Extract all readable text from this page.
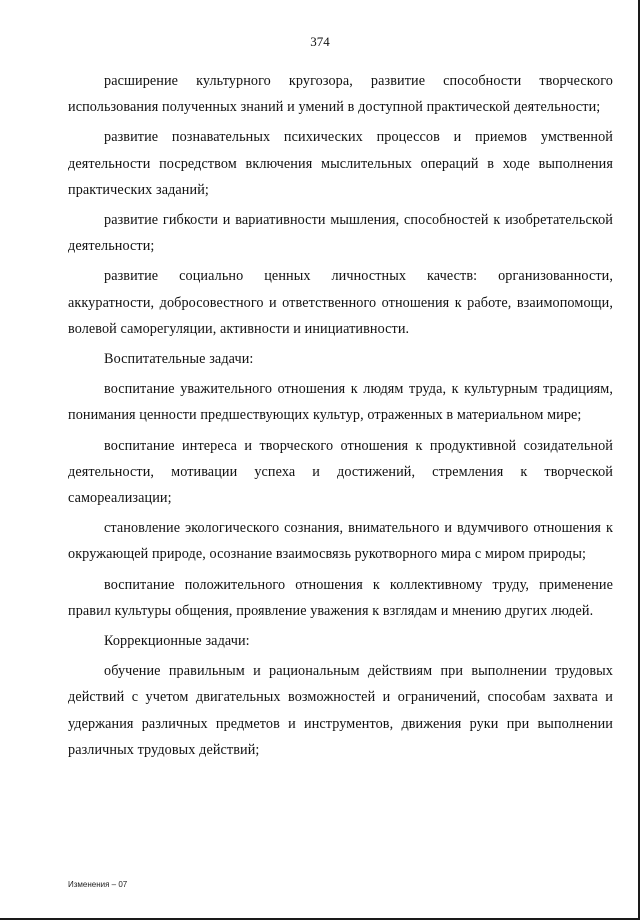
374

расширение культурного кругозора, развитие способности творческого использования полученных знаний и умений в доступной практической деятельности;

развитие познавательных психических процессов и приемов умственной деятельности посредством включения мыслительных операций в ходе выполнения практических заданий;

развитие гибкости и вариативности мышления, способностей к изобретательской деятельности;

развитие социально ценных личностных качеств: организованности, аккуратности, добросовестного и ответственного отношения к работе, взаимопомощи, волевой саморегуляции, активности и инициативности.

Воспитательные задачи:

воспитание уважительного отношения к людям труда, к культурным традициям, понимания ценности предшествующих культур, отраженных в материальном мире;

воспитание интереса и творческого отношения к продуктивной созидательной деятельности, мотивации успеха и достижений, стремления к творческой самореализации;

становление экологического сознания, внимательного и вдумчивого отношения к окружающей природе, осознание взаимосвязь рукотворного мира с миром природы;

воспитание положительного отношения к коллективному труду, применение правил культуры общения, проявление уважения к взглядам и мнению других людей.

Коррекционные задачи:

обучение правильным и рациональным действиям при выполнении трудовых действий с учетом двигательных возможностей и ограничений, способам захвата и удержания различных предметов и инструментов, движения руки при выполнении различных трудовых действий;

Изменения – 07
